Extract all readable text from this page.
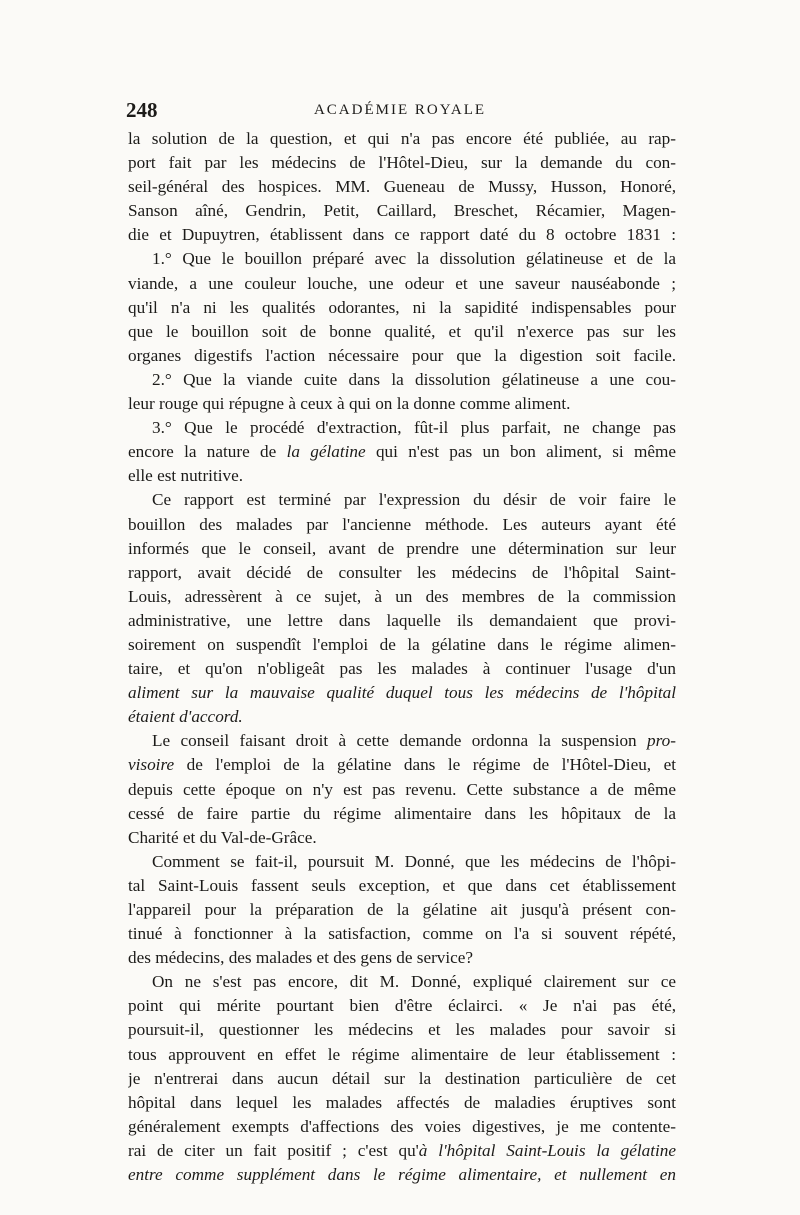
248	ACADÉMIE ROYALE
la solution de la question, et qui n'a pas encore été publiée, au rap-
port fait par les médecins de l'Hôtel-Dieu, sur la demande du con-
seil-général des hospices. MM. Gueneau de Mussy, Husson, Honoré,
Sanson aîné, Gendrin, Petit, Caillard, Breschet, Récamier, Magen-
die et Dupuytren, établissent dans ce rapport daté du 8 octobre 1831 :
1.° Que le bouillon préparé avec la dissolution gélatineuse et de la
viande, a une couleur louche, une odeur et une saveur nauséabonde ;
qu'il n'a ni les qualités odorantes, ni la sapidité indispensables pour
que le bouillon soit de bonne qualité, et qu'il n'exerce pas sur les
organes digestifs l'action nécessaire pour que la digestion soit facile.
2.° Que la viande cuite dans la dissolution gélatineuse a une cou-
leur rouge qui répugne à ceux à qui on la donne comme aliment.
3.° Que le procédé d'extraction, fût-il plus parfait, ne change pas
encore la nature de la gélatine qui n'est pas un bon aliment, si même
elle est nutritive.
Ce rapport est terminé par l'expression du désir de voir faire le
bouillon des malades par l'ancienne méthode. Les auteurs ayant été
informés que le conseil, avant de prendre une détermination sur leur
rapport, avait décidé de consulter les médecins de l'hôpital Saint-
Louis, adressèrent à ce sujet, à un des membres de la commission
administrative, une lettre dans laquelle ils demandaient que provi-
soirement on suspendît l'emploi de la gélatine dans le régime alimen-
taire, et qu'on n'obligeât pas les malades à continuer l'usage d'un
aliment sur la mauvaise qualité duquel tous les médecins de l'hôpital
étaient d'accord.
Le conseil faisant droit à cette demande ordonna la suspension pro-
visoire de l'emploi de la gélatine dans le régime de l'Hôtel-Dieu, et
depuis cette époque on n'y est pas revenu. Cette substance a de même
cessé de faire partie du régime alimentaire dans les hôpitaux de la
Charité et du Val-de-Grâce.
Comment se fait-il, poursuit M. Donné, que les médecins de l'hôpi-
tal Saint-Louis fassent seuls exception, et que dans cet établissement
l'appareil pour la préparation de la gélatine ait jusqu'à présent con-
tinué à fonctionner à la satisfaction, comme on l'a si souvent répété,
des médecins, des malades et des gens de service?
On ne s'est pas encore, dit M. Donné, expliqué clairement sur ce
point qui mérite pourtant bien d'être éclairci. « Je n'ai pas été,
poursuit-il, questionner les médecins et les malades pour savoir si
tous approuvent en effet le régime alimentaire de leur établissement :
je n'entrerai dans aucun détail sur la destination particulière de cet
hôpital dans lequel les malades affectés de maladies éruptives sont
généralement exempts d'affections des voies digestives, je me contente-
rai de citer un fait positif ; c'est qu'à l'hôpital Saint-Louis la gélatine
entre comme supplément dans le régime alimentaire, et nullement en
